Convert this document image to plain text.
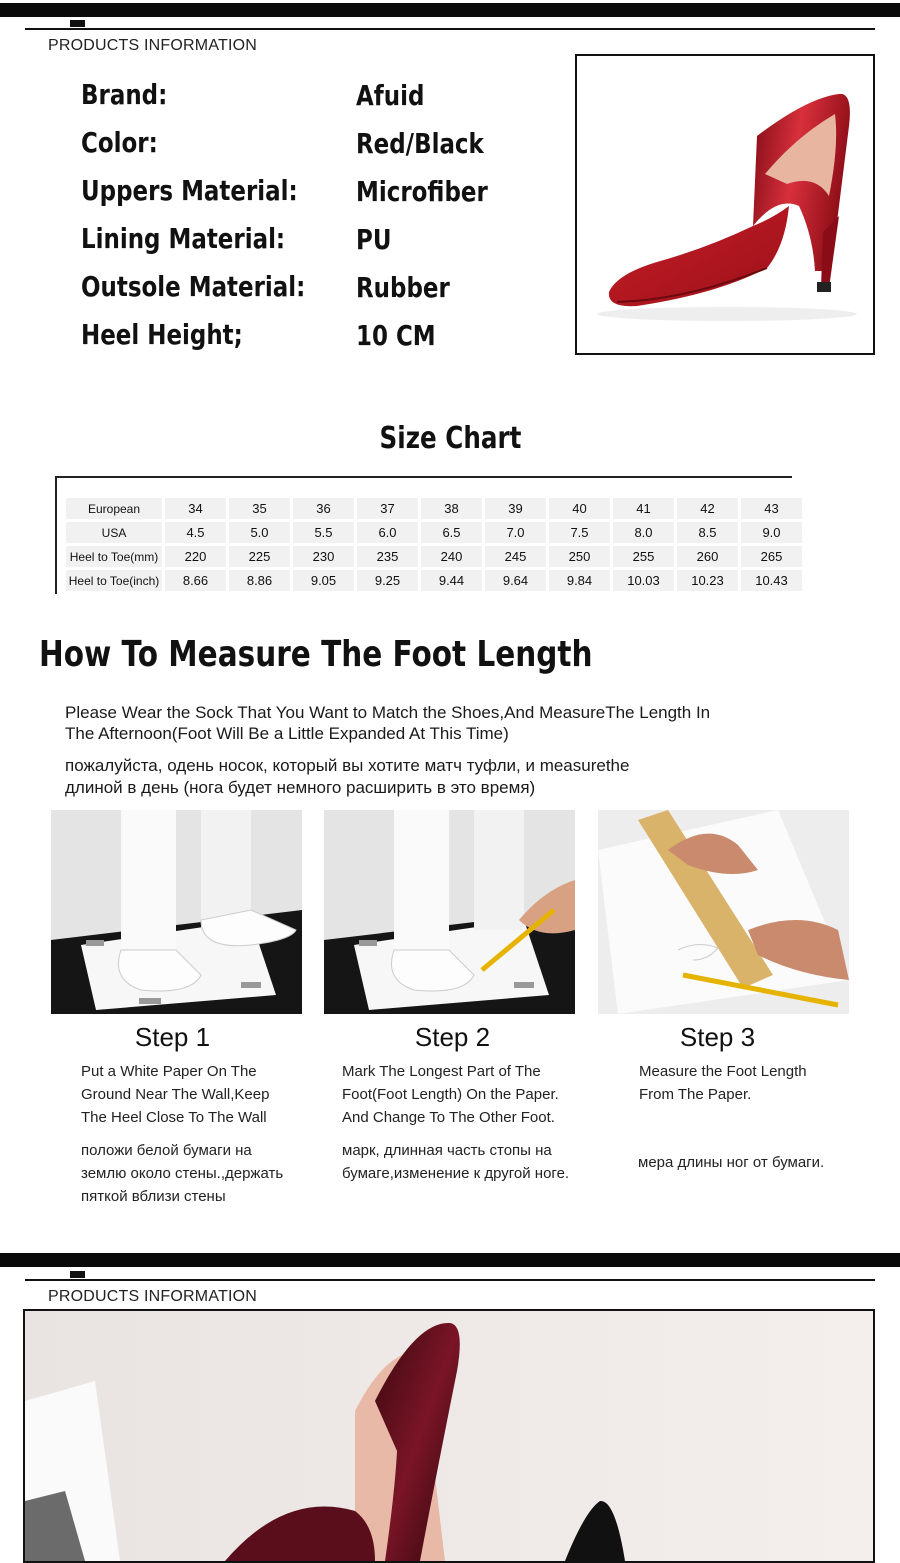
PRODUCTS INFORMATION
Brand:	Afuid
Color:	Red/Black
Uppers Material: Microfiber
Lining Material:	PU
Outsole Material: Rubber
Heel Height;	10 CM
Size Chart
European	34	35	36	37	38	39	40	41	42	43
USA	4.5	5.0	5.5	6.0	6.5	7.0	7.5	8.0	8.5	9.0
Heel to Toe(mm)	220	225	230	235	240	245	250	255	260	265
Heel to Toe(inch)	8.66	8.86	9.05	9.25	9.44	9.64	9.84	10.03	10.23	10.43
How To Measure The Foot Length
Please Wear the Sock That You Want to Match the Shoes,And MeasureThe Length In
The Afternoon(Foot Will Be a Little Expanded At This Time)
пожалуйста, одень носок, который вы хотите матч туфли, и measurethe
длиной в день (нога будет немного расширить в это время)
Step 1	Step 2	Step 3
Put a White Paper On The
Ground Near The Wall,Keep
The Heel Close To The Wall
положи белой бумаги на
землю около стены.,держать
пяткой вблизи стены
Mark The Longest Part of The
Foot(Foot Length) On the Paper.
And Change To The Other Foot.
марк, длинная часть стопы на
бумаге,изменение к другой ноге.
Measure the Foot Length
From The Paper.
мера длины ног от бумаги.
PRODUCTS INFORMATION
